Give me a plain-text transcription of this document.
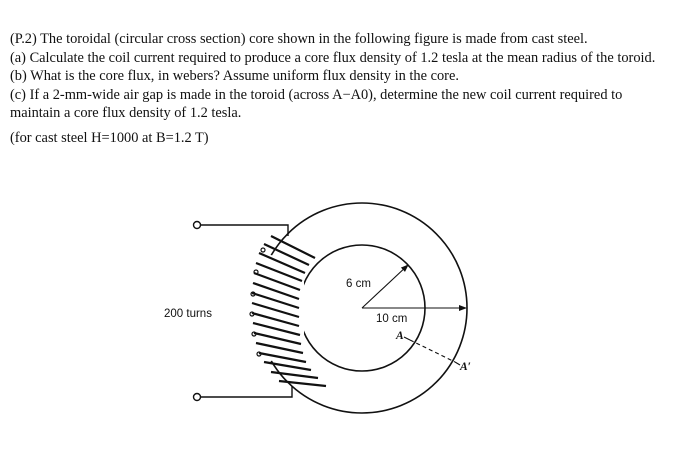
(P.2) The toroidal (circular cross section) core shown in the following figure is made from cast steel.

(a) Calculate the coil current required to produce a core flux density of 1.2 tesla at the mean radius of the toroid.

(b) What is the core flux, in webers? Assume uniform flux density in the core.

(c) If a 2-mm-wide air gap is made in the toroid (across A−A0), determine the new coil current required to maintain a core flux density of 1.2 tesla.

(for cast steel H=1000 at B=1.2 T)

200 turns
6 cm
10 cm
A
A′
